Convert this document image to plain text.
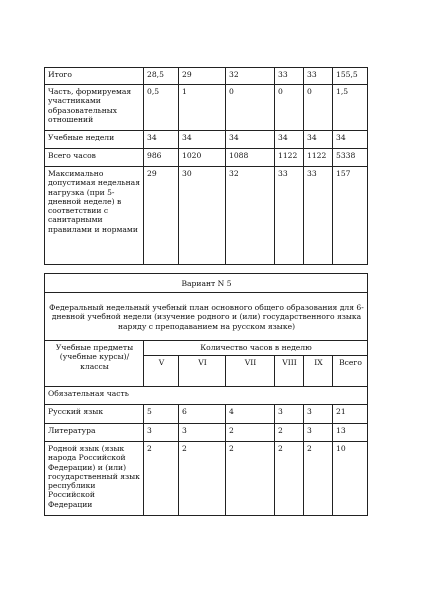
Итого	28,5	29	32	33	33	155,5
Часть, формируемая участниками образовательных отношений	0,5	1	0	0	0	1,5
Учебные недели	34	34	34	34	34	34
Всего часов	986	1020	1088	1122	1122	5338
Максимально допустимая недельная нагрузка (при 5-дневной неделе) в соответствии с санитарными правилами и нормами	29	30	32	33	33	157
Вариант N 5						
Федеральный недельный учебный план основного общего образования для 6-дневной учебной недели (изучение родного и (или) государственного языка наряду с преподаванием на русском языке)						
Учебные предметы (учебные курсы)/классы	Количество часов в неделю					
	V	VI	VII	VIII	IX	Всего
Обязательная часть						
Русский язык	5	6	4	3	3	21
Литература	3	3	2	2	3	13
Родной язык (язык народа Российской Федерации) и (или) государственный язык республики Российской Федерации	2	2	2	2	2	10
